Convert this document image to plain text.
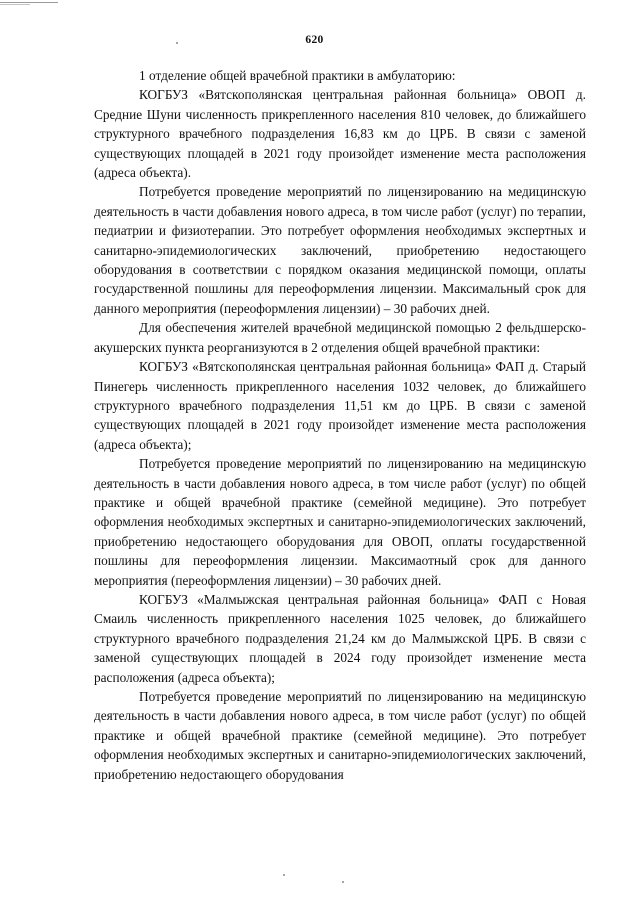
620

1 отделение общей врачебной практики в амбулаторию:

КОГБУЗ «Вятскополянская центральная районная больница» ОВОП д. Средние Шуни численность прикрепленного населения 810 человек, до ближайшего структурного врачебного подразделения 16,83 км до ЦРБ. В связи с заменой существующих площадей в 2021 году произойдет изменение места расположения (адреса объекта).

Потребуется проведение мероприятий по лицензированию на медицинскую деятельность в части добавления нового адреса, в том числе работ (услуг) по терапии, педиатрии и физиотерапии. Это потребует оформления необходимых экспертных и санитарно-эпидемиологических заключений, приобретению недостающего оборудования в соответствии с порядком оказания медицинской помощи, оплаты государственной пошлины для переоформления лицензии. Максимальный срок для данного мероприятия (переоформления лицензии) – 30 рабочих дней.

Для обеспечения жителей врачебной медицинской помощью 2 фельдшерско-акушерских пункта реорганизуются в 2 отделения общей врачебной практики:

КОГБУЗ «Вятскополянская центральная районная больница» ФАП д. Старый Пинегерь численность прикрепленного населения 1032 человек, до ближайшего структурного врачебного подразделения 11,51 км до ЦРБ. В связи с заменой существующих площадей в 2021 году произойдет изменение места расположения (адреса объекта);

Потребуется проведение мероприятий по лицензированию на медицинскую деятельность в части добавления нового адреса, в том числе работ (услуг) по общей практике и общей врачебной практике (семейной медицине). Это потребует оформления необходимых экспертных и санитарно-эпидемиологических заключений, приобретению недостающего оборудования для ОВОП, оплаты государственной пошлины для переоформления лицензии. Максимаотный срок для данного мероприятия (переоформления лицензии) – 30 рабочих дней.

КОГБУЗ «Малмыжская центральная районная больница» ФАП с Новая Смаиль численность прикрепленного населения 1025 человек, до ближайшего структурного врачебного подразделения 21,24 км до Малмыжской ЦРБ. В связи с заменой существующих площадей в 2024 году произойдет изменение места расположения (адреса объекта);

Потребуется проведение мероприятий по лицензированию на медицинскую деятельность в части добавления нового адреса, в том числе работ (услуг) по общей практике и общей врачебной практике (семейной медицине). Это потребует оформления необходимых экспертных и санитарно-эпидемиологических заключений, приобретению недостающего оборудования
